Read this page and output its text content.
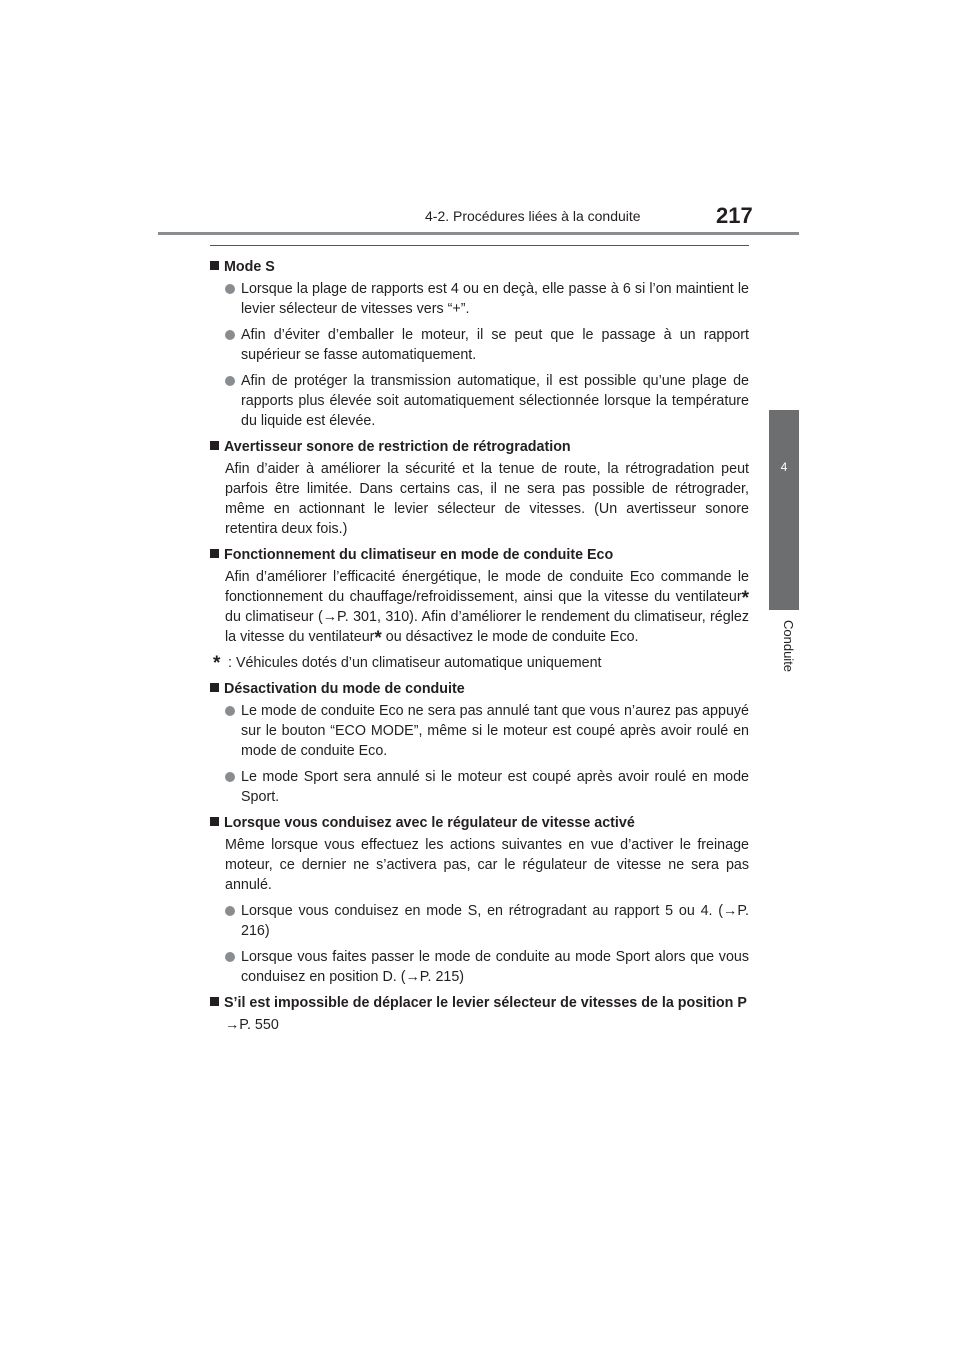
4-2. Procédures liées à la conduite	217
4
Conduite
Mode S
Lorsque la plage de rapports est 4 ou en deçà, elle passe à 6 si l’on maintient le levier sélecteur de vitesses vers “+”.
Afin d’éviter d’emballer le moteur, il se peut que le passage à un rapport supérieur se fasse automatiquement.
Afin de protéger la transmission automatique, il est possible qu’une plage de rapports plus élevée soit automatiquement sélectionnée lorsque la température du liquide est élevée.
Avertisseur sonore de restriction de rétrogradation
Afin d’aider à améliorer la sécurité et la tenue de route, la rétrogradation peut parfois être limitée. Dans certains cas, il ne sera pas possible de rétrograder, même en actionnant le levier sélecteur de vitesses. (Un avertisseur sonore retentira deux fois.)
Fonctionnement du climatiseur en mode de conduite Eco
Afin d’améliorer l’efficacité énergétique, le mode de conduite Eco commande le fonctionnement du chauffage/refroidissement, ainsi que la vitesse du ventilateur* du climatiseur (→P. 301, 310). Afin d’améliorer le rendement du climatiseur, réglez la vitesse du ventilateur* ou désactivez le mode de conduite Eco.
* : Véhicules dotés d’un climatiseur automatique uniquement
Désactivation du mode de conduite
Le mode de conduite Eco ne sera pas annulé tant que vous n’aurez pas appuyé sur le bouton “ECO MODE”, même si le moteur est coupé après avoir roulé en mode de conduite Eco.
Le mode Sport sera annulé si le moteur est coupé après avoir roulé en mode Sport.
Lorsque vous conduisez avec le régulateur de vitesse activé
Même lorsque vous effectuez les actions suivantes en vue d’activer le freinage moteur, ce dernier ne s’activera pas, car le régulateur de vitesse ne sera pas annulé.
Lorsque vous conduisez en mode S, en rétrogradant au rapport 5 ou 4. (→P. 216)
Lorsque vous faites passer le mode de conduite au mode Sport alors que vous conduisez en position D. (→P. 215)
S’il est impossible de déplacer le levier sélecteur de vitesses de la position P
→P. 550
